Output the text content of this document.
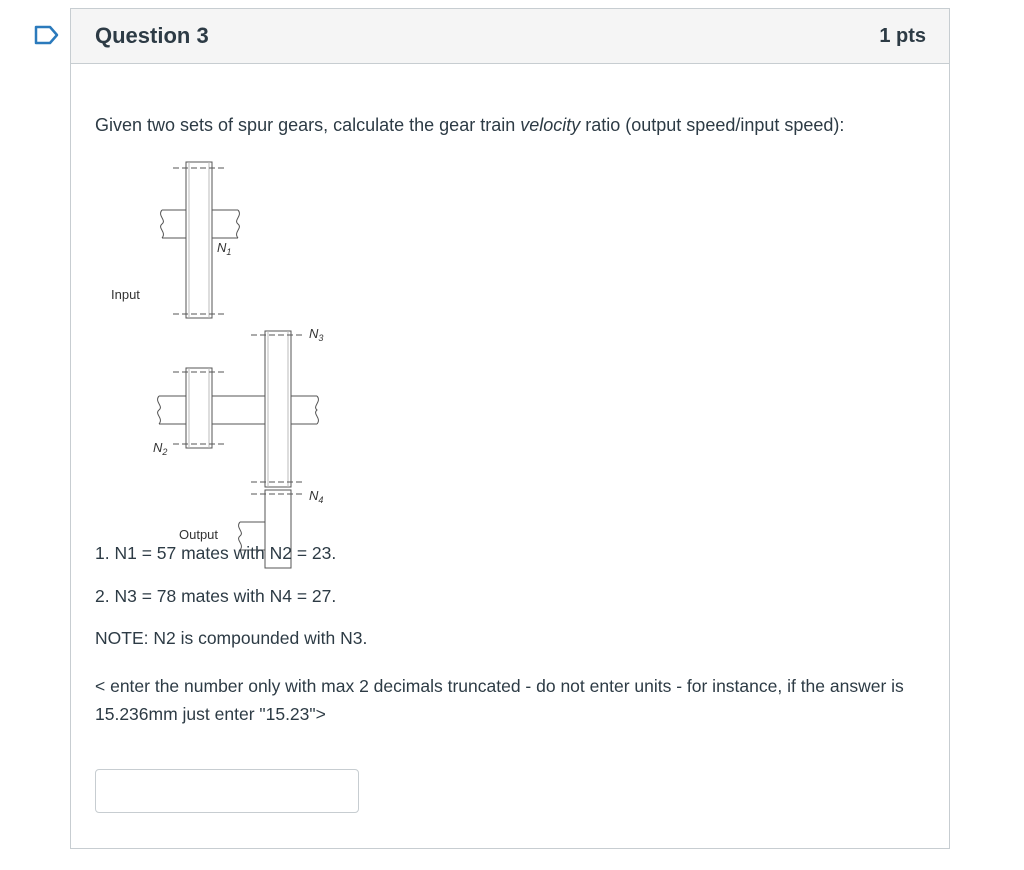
Question 3	1 pts

Given two sets of spur gears, calculate the gear train velocity ratio (output speed/input speed):

Input
Output
$N_1$
$N_2$
$N_3$
$N_4$

1. N1 = 57 mates with N2 = 23.

2. N3 = 78 mates with N4 = 27.

NOTE: N2 is compounded with N3.

< enter the number only with max 2 decimals truncated - do not enter units - for instance, if the answer is 15.236mm just enter "15.23">
